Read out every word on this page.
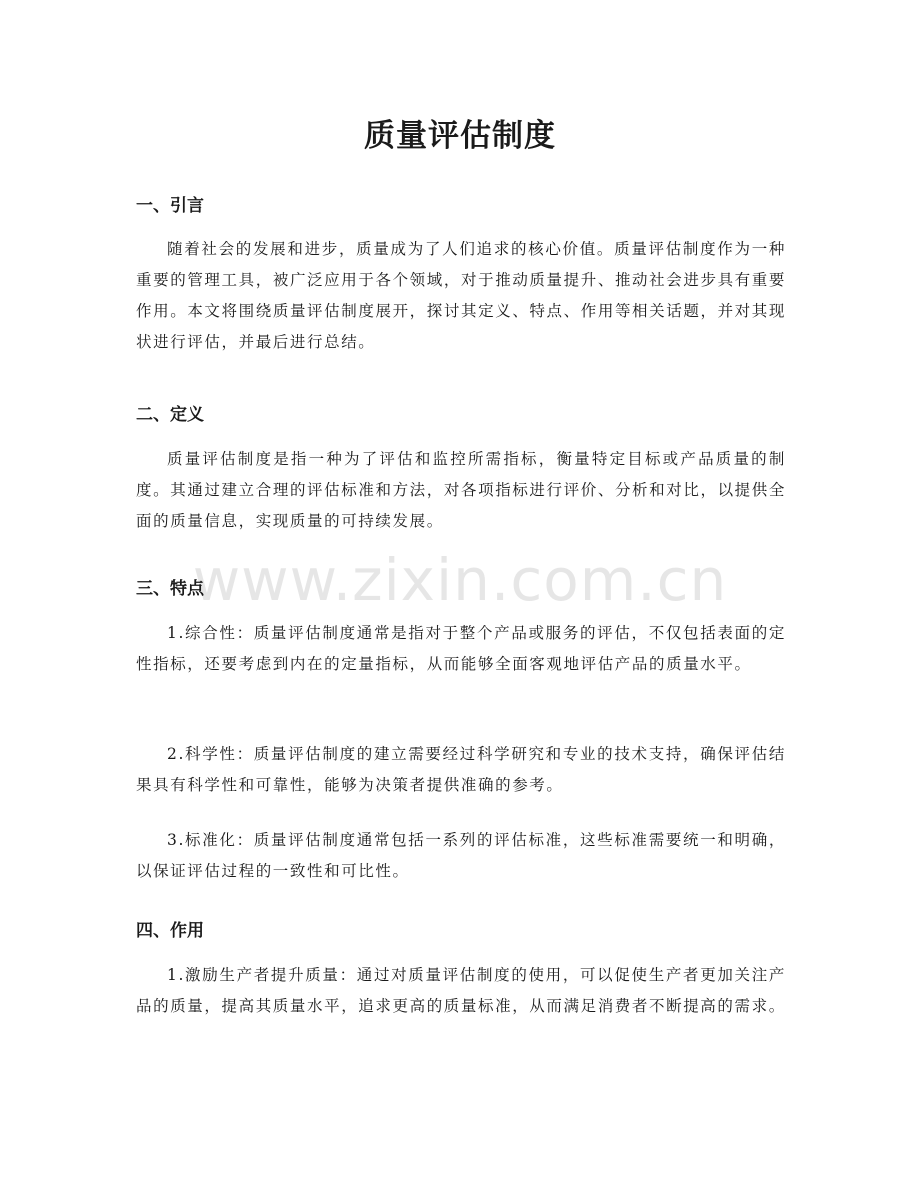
www.zixin.com.cn
质量评估制度
一、引言

随着社会的发展和进步，质量成为了人们追求的核心价值。质量评估制度作为一种重要的管理工具，被广泛应用于各个领域，对于推动质量提升、推动社会进步具有重要作用。本文将围绕质量评估制度展开，探讨其定义、特点、作用等相关话题，并对其现状进行评估，并最后进行总结。

二、定义

质量评估制度是指一种为了评估和监控所需指标，衡量特定目标或产品质量的制度。其通过建立合理的评估标准和方法，对各项指标进行评价、分析和对比，以提供全面的质量信息，实现质量的可持续发展。

三、特点

1.综合性：质量评估制度通常是指对于整个产品或服务的评估，不仅包括表面的定性指标，还要考虑到内在的定量指标，从而能够全面客观地评估产品的质量水平。

2.科学性：质量评估制度的建立需要经过科学研究和专业的技术支持，确保评估结果具有科学性和可靠性，能够为决策者提供准确的参考。

3.标准化：质量评估制度通常包括一系列的评估标准，这些标准需要统一和明确，以保证评估过程的一致性和可比性。

四、作用

1.激励生产者提升质量：通过对质量评估制度的使用，可以促使生产者更加关注产品的质量，提高其质量水平，追求更高的质量标准，从而满足消费者不断提高的需求。
